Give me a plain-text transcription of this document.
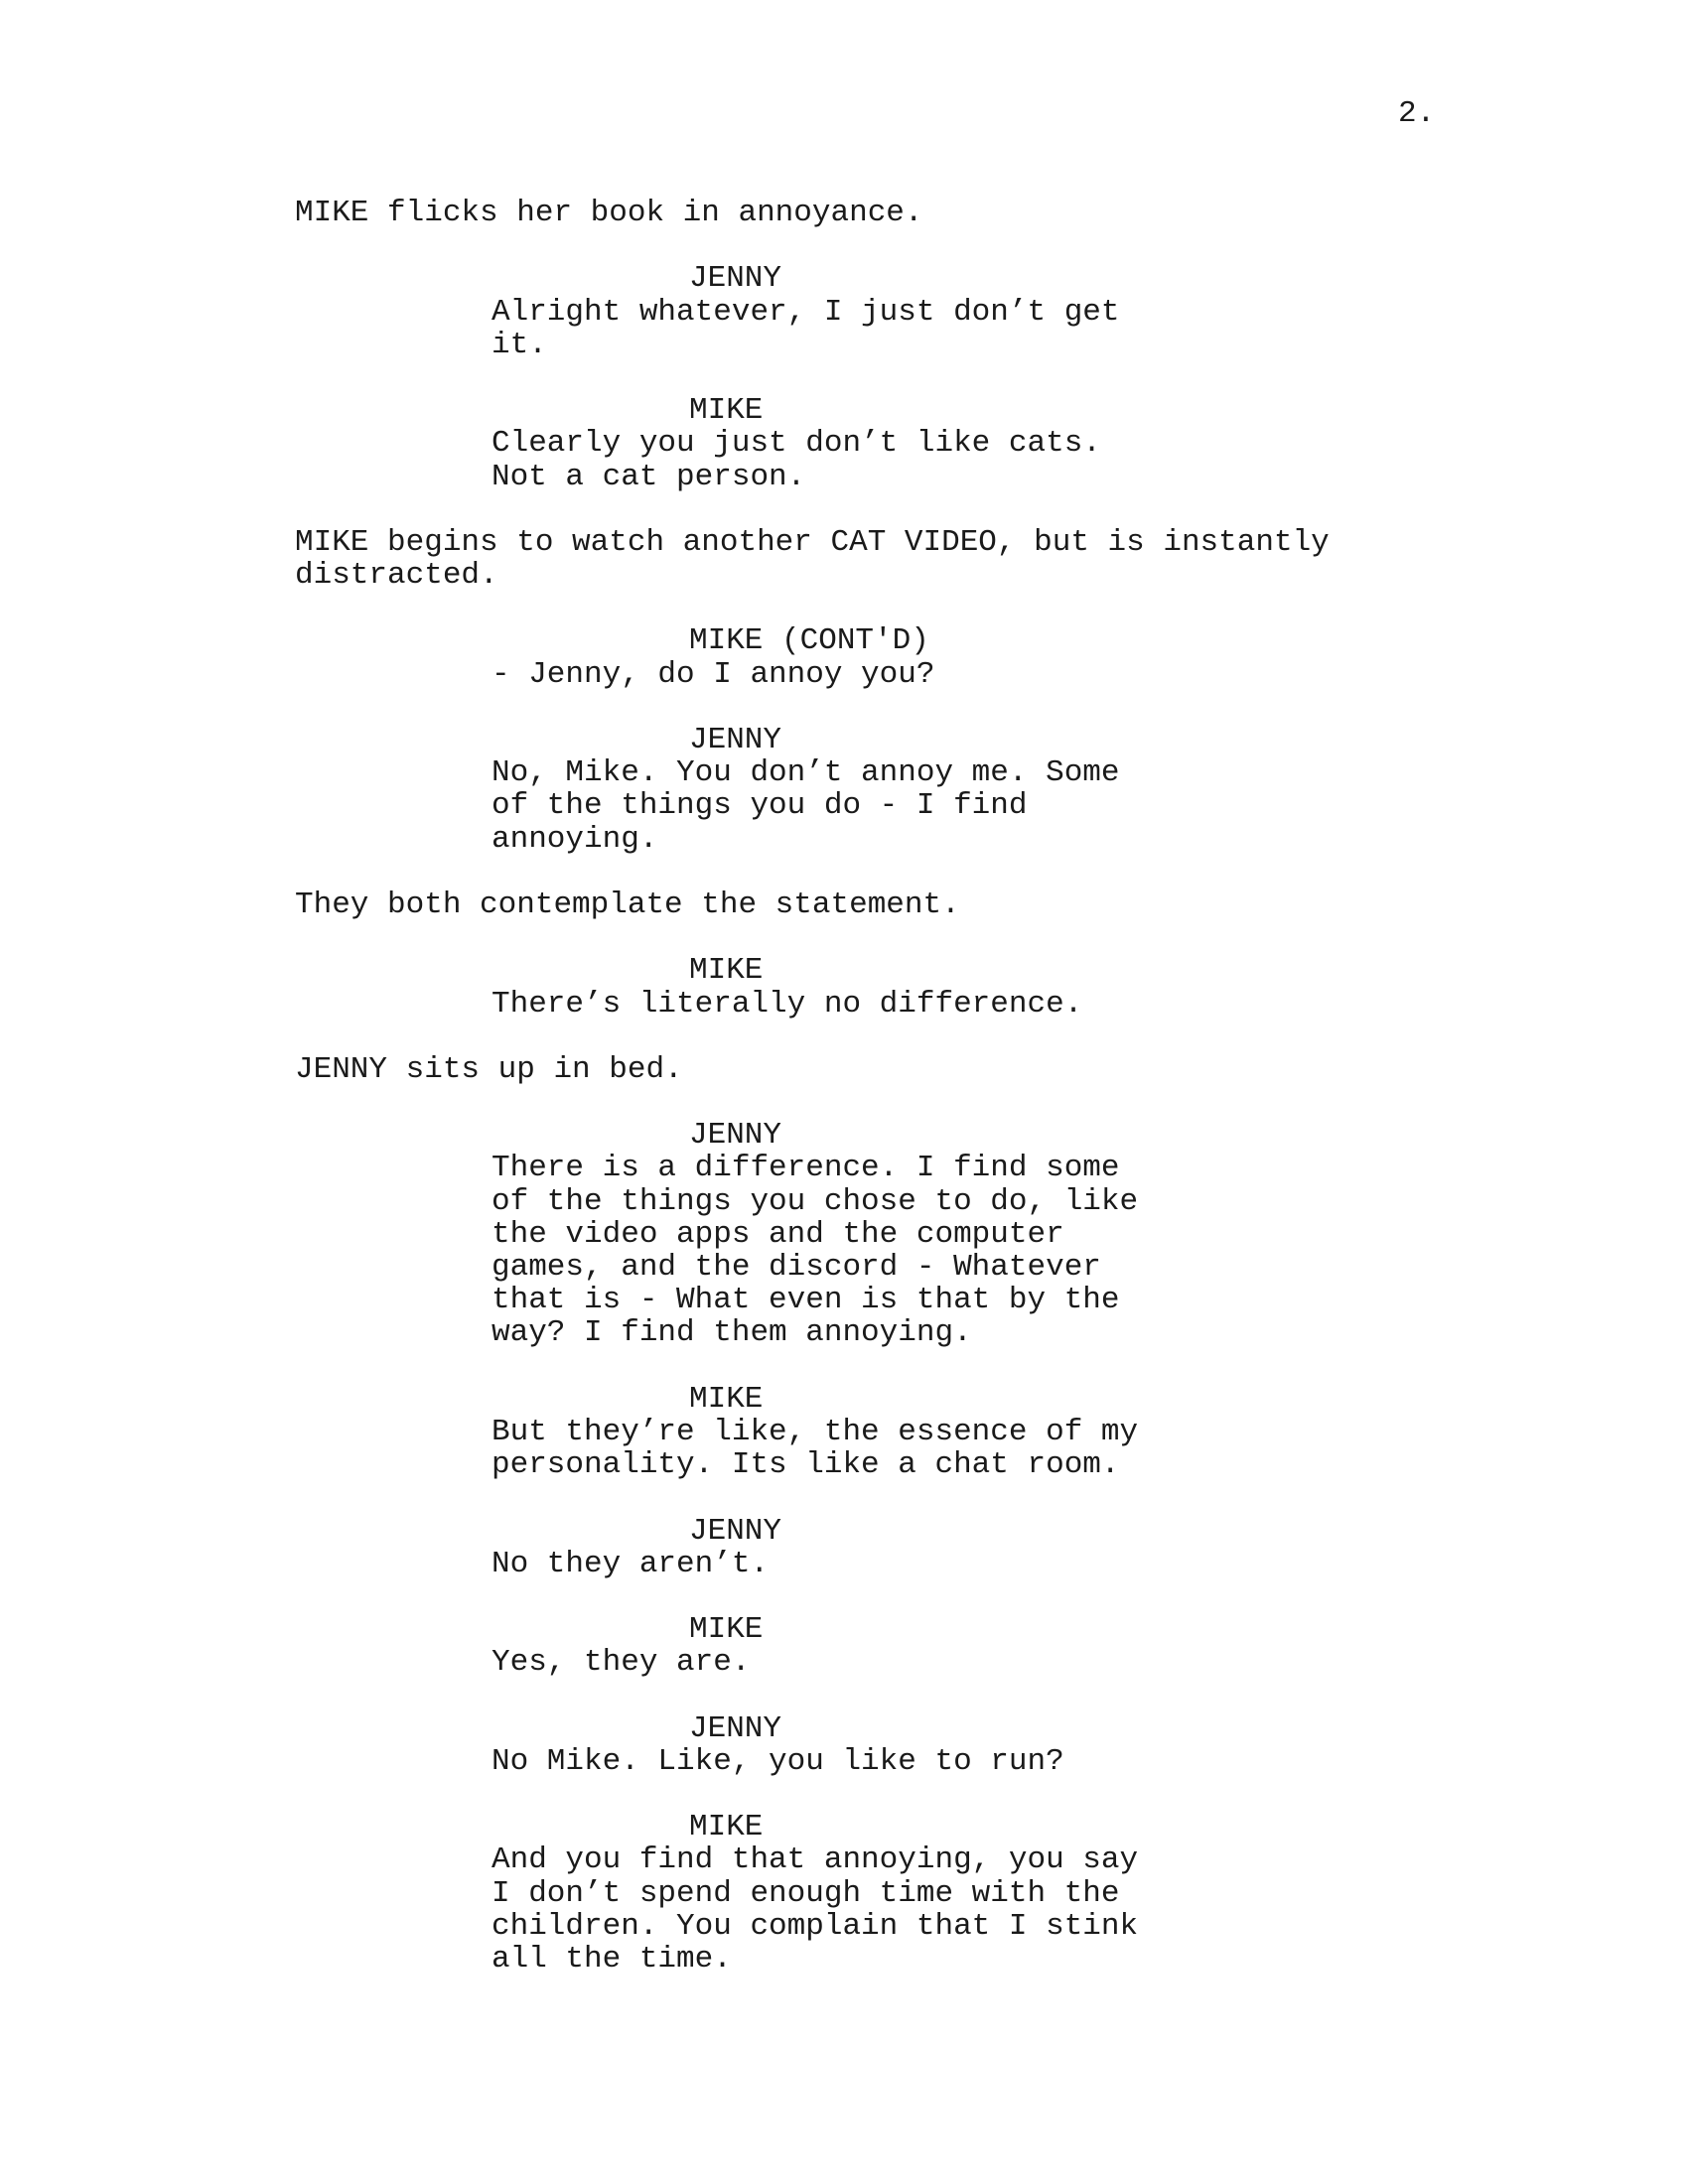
2.
MIKE flicks her book in annoyance.
JENNY
Alright whatever, I just don’t get
it.
MIKE
Clearly you just don’t like cats.
Not a cat person.
MIKE begins to watch another CAT VIDEO, but is instantly
distracted.
MIKE (CONT'D)
- Jenny, do I annoy you?
JENNY
No, Mike. You don’t annoy me. Some
of the things you do - I find
annoying.
They both contemplate the statement.
MIKE
There’s literally no difference.
JENNY sits up in bed.
JENNY
There is a difference. I find some
of the things you chose to do, like
the video apps and the computer
games, and the discord - Whatever
that is - What even is that by the
way? I find them annoying.
MIKE
But they’re like, the essence of my
personality. Its like a chat room.
JENNY
No they aren’t.
MIKE
Yes, they are.
JENNY
No Mike. Like, you like to run?
MIKE
And you find that annoying, you say
I don’t spend enough time with the
children. You complain that I stink
all the time.
